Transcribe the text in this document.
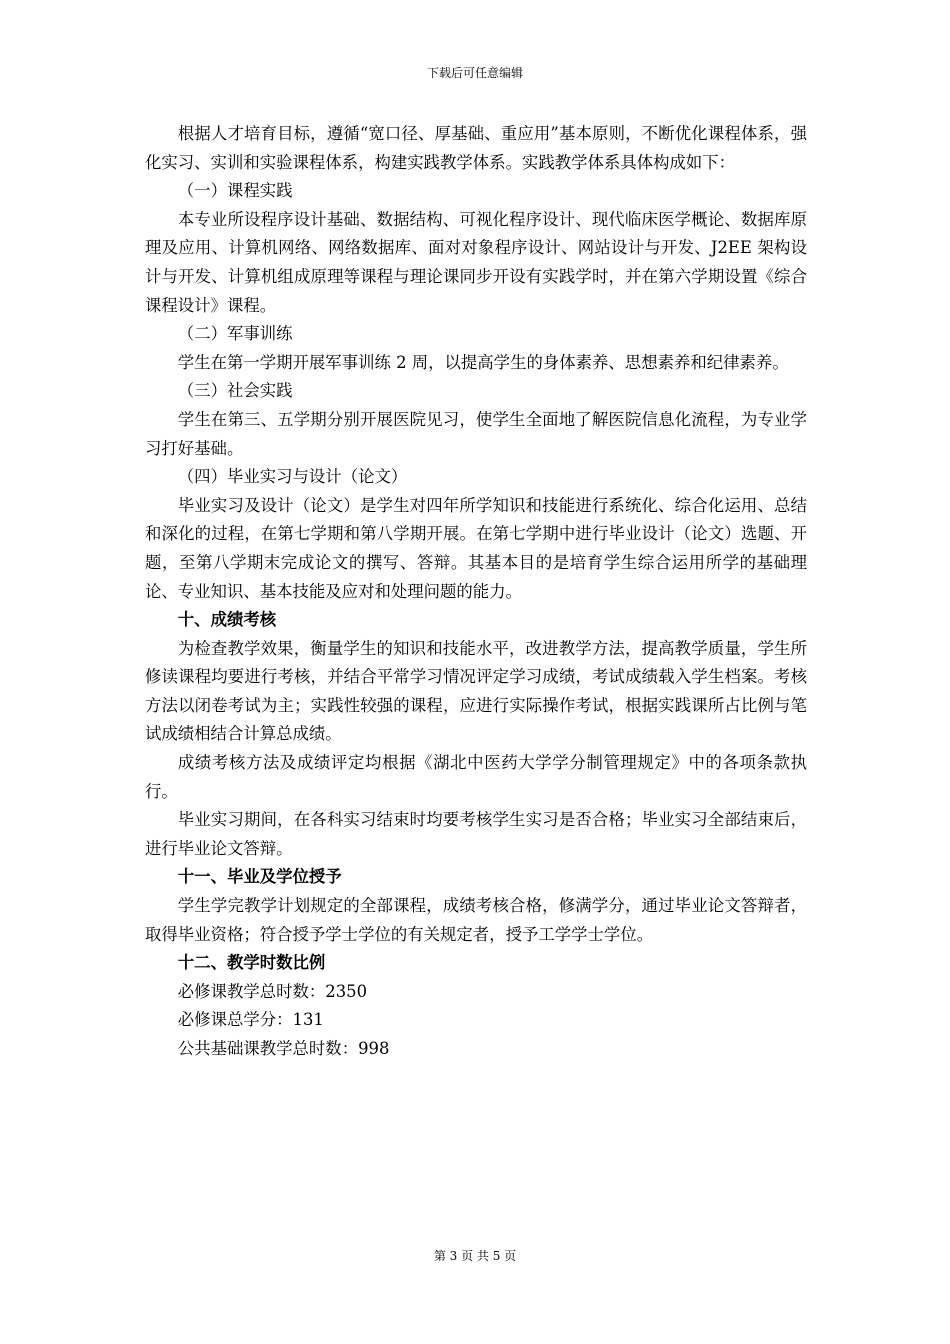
下载后可任意编辑

根据人才培育目标，遵循“宽口径、厚基础、重应用”基本原则，不断优化课程体系，强化实习、实训和实验课程体系，构建实践教学体系。实践教学体系具体构成如下：

（一）课程实践

本专业所设程序设计基础、数据结构、可视化程序设计、现代临床医学概论、数据库原理及应用、计算机网络、网络数据库、面对对象程序设计、网站设计与开发、J2EE 架构设计与开发、计算机组成原理等课程与理论课同步开设有实践学时，并在第六学期设置《综合课程设计》课程。

（二）军事训练

学生在第一学期开展军事训练 2 周，以提高学生的身体素养、思想素养和纪律素养。

（三）社会实践

学生在第三、五学期分别开展医院见习，使学生全面地了解医院信息化流程，为专业学习打好基础。

（四）毕业实习与设计（论文）

毕业实习及设计（论文）是学生对四年所学知识和技能进行系统化、综合化运用、总结和深化的过程，在第七学期和第八学期开展。在第七学期中进行毕业设计（论文）选题、开题，至第八学期末完成论文的撰写、答辩。其基本目的是培育学生综合运用所学的基础理论、专业知识、基本技能及应对和处理问题的能力。

十、成绩考核

为检查教学效果，衡量学生的知识和技能水平，改进教学方法，提高教学质量，学生所修读课程均要进行考核，并结合平常学习情况评定学习成绩，考试成绩载入学生档案。考核方法以闭卷考试为主；实践性较强的课程，应进行实际操作考试，根据实践课所占比例与笔试成绩相结合计算总成绩。

成绩考核方法及成绩评定均根据《湖北中医药大学学分制管理规定》中的各项条款执行。

毕业实习期间，在各科实习结束时均要考核学生实习是否合格；毕业实习全部结束后，进行毕业论文答辩。

十一、毕业及学位授予

学生学完教学计划规定的全部课程，成绩考核合格，修满学分，通过毕业论文答辩者，取得毕业资格；符合授予学士学位的有关规定者，授予工学学士学位。

十二、教学时数比例

必修课教学总时数：2350

必修课总学分：131

公共基础课教学总时数：998

第 3 页 共 5 页
